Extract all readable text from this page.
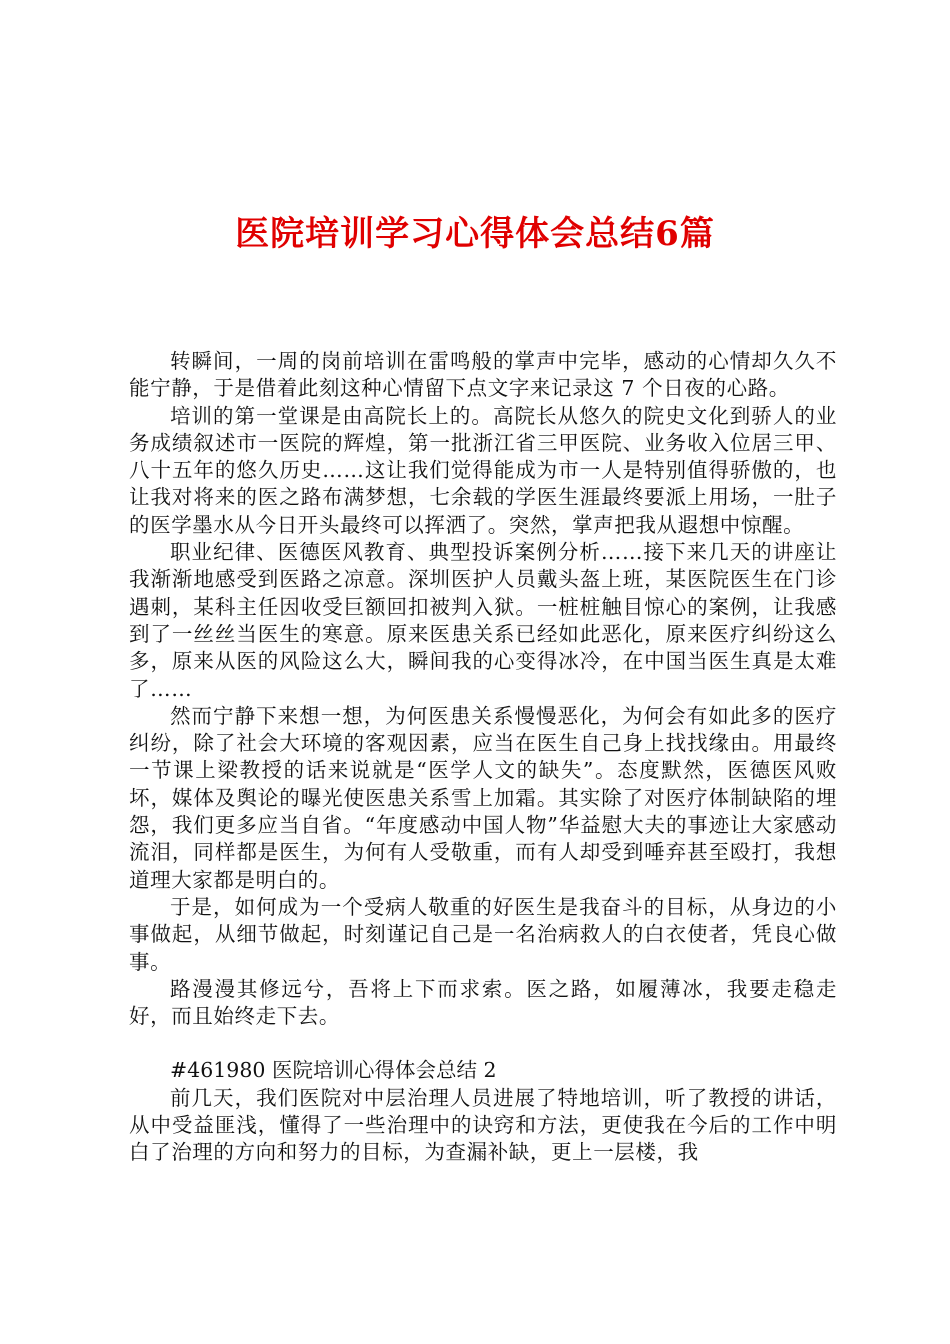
医院培训学习心得体会总结6篇

转瞬间，一周的岗前培训在雷鸣般的掌声中完毕，感动的心情却久久不能宁静，于是借着此刻这种心情留下点文字来记录这 7 个日夜的心路。

培训的第一堂课是由高院长上的。高院长从悠久的院史文化到骄人的业务成绩叙述市一医院的辉煌，第一批浙江省三甲医院、业务收入位居三甲、八十五年的悠久历史……这让我们觉得能成为市一人是特别值得骄傲的，也让我对将来的医之路布满梦想，七余载的学医生涯最终要派上用场，一肚子的医学墨水从今日开头最终可以挥洒了。突然，掌声把我从遐想中惊醒。

职业纪律、医德医风教育、典型投诉案例分析……接下来几天的讲座让我渐渐地感受到医路之凉意。深圳医护人员戴头盔上班，某医院医生在门诊遇刺，某科主任因收受巨额回扣被判入狱。一桩桩触目惊心的案例，让我感到了一丝丝当医生的寒意。原来医患关系已经如此恶化，原来医疗纠纷这么多，原来从医的风险这么大，瞬间我的心变得冰冷，在中国当医生真是太难了……

然而宁静下来想一想，为何医患关系慢慢恶化，为何会有如此多的医疗纠纷，除了社会大环境的客观因素，应当在医生自己身上找找缘由。用最终一节课上梁教授的话来说就是“医学人文的缺失”。态度默然，医德医风败坏，媒体及舆论的曝光使医患关系雪上加霜。其实除了对医疗体制缺陷的埋怨，我们更多应当自省。“年度感动中国人物”华益慰大夫的事迹让大家感动流泪，同样都是医生，为何有人受敬重，而有人却受到唾弃甚至殴打，我想道理大家都是明白的。

于是，如何成为一个受病人敬重的好医生是我奋斗的目标，从身边的小事做起，从细节做起，时刻谨记自己是一名治病救人的白衣使者，凭良心做事。

路漫漫其修远兮，吾将上下而求索。医之路，如履薄冰，我要走稳走好，而且始终走下去。

#461980 医院培训心得体会总结 2

前几天，我们医院对中层治理人员进展了特地培训，听了教授的讲话，从中受益匪浅，懂得了一些治理中的诀窍和方法，更使我在今后的工作中明白了治理的方向和努力的目标，为查漏补缺，更上一层楼，我
